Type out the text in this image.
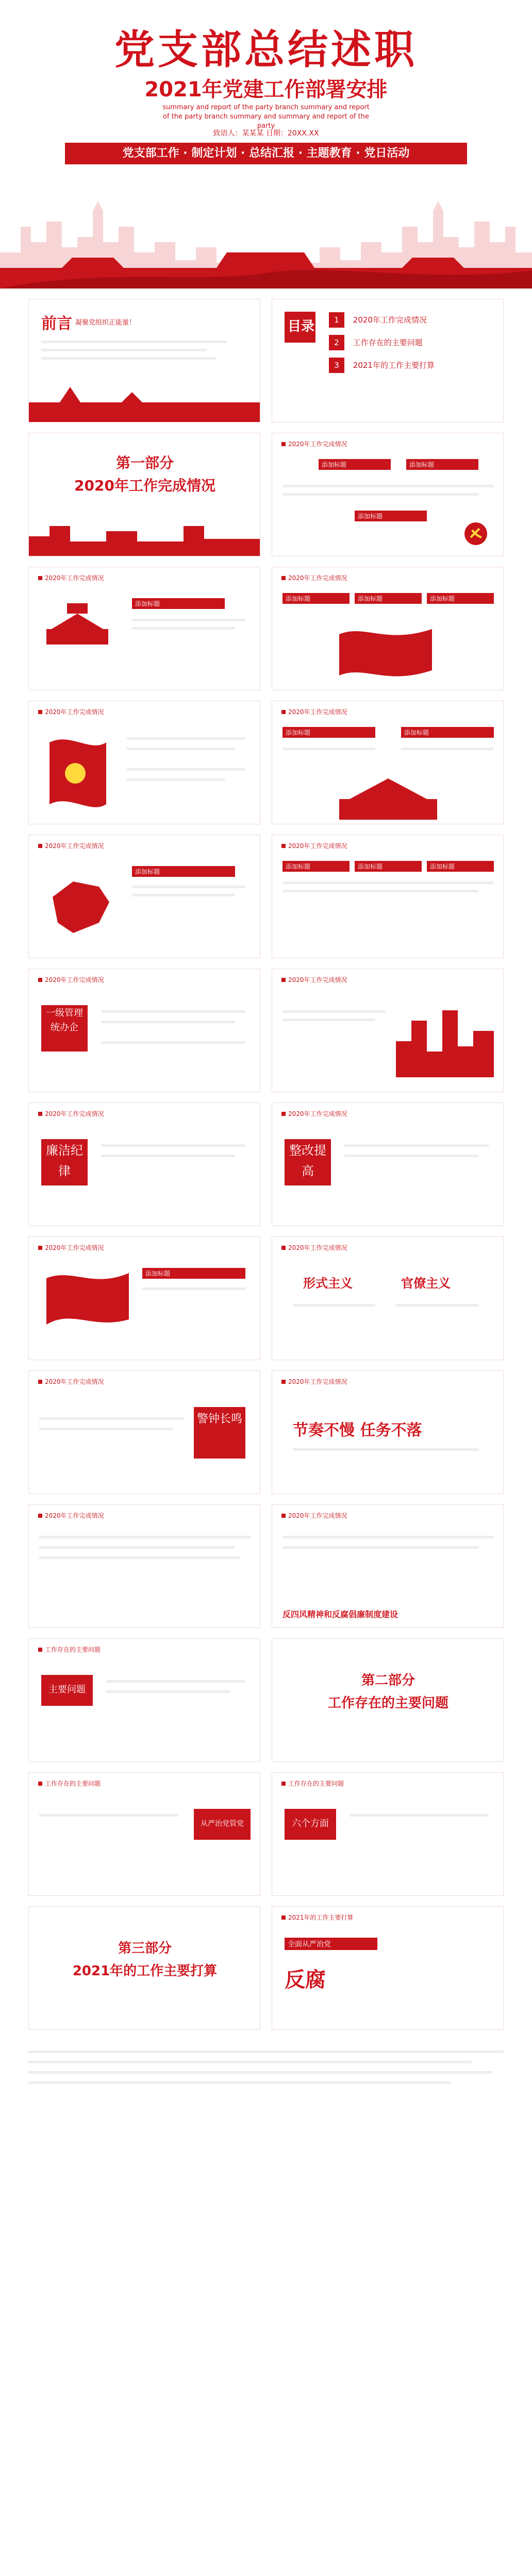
党支部总结述职
2021年党建工作部署安排
summary and report of the party branch summary and report of the party branch summary and summary and report of the party
致语人：某某某 日期：20XX.XX
党支部工作 · 制定计划 · 总结汇报 · 主题教育 · 党日活动
前言 凝聚党组织正能量！	目录	1 2020年工作完成情况
2 工作存在的主要问题
3 2021年的工作主要打算
第一部分
2020年工作完成情况
2020年工作完成情况
添加标题	添加标题
添加标题
2020年工作完成情况
添加标题
2020年工作完成情况
添加标题	添加标题	添加标题
2020年工作完成情况	2020年工作完成情况
添加标题	添加标题
2020年工作完成情况
添加标题
2020年工作完成情况
添加标题	添加标题	添加标题
2020年工作完成情况
一级管理统办企
2020年工作完成情况
2020年工作完成情况
廉洁纪律
2020年工作完成情况
整改提高
2020年工作完成情况
添加标题
2020年工作完成情况
形式主义	官僚主义
2020年工作完成情况
警钟长鸣
2020年工作完成情况
节奏不慢 任务不落
2020年工作完成情况	2020年工作完成情况
反四风精神和反腐倡廉制度建设
工作存在的主要问题
主要问题
第二部分
工作存在的主要问题
工作存在的主要问题
从严治党管党
工作存在的主要问题
六个方面
第三部分
2021年的工作主要打算
2021年的工作主要打算
全面从严治党
反腐
